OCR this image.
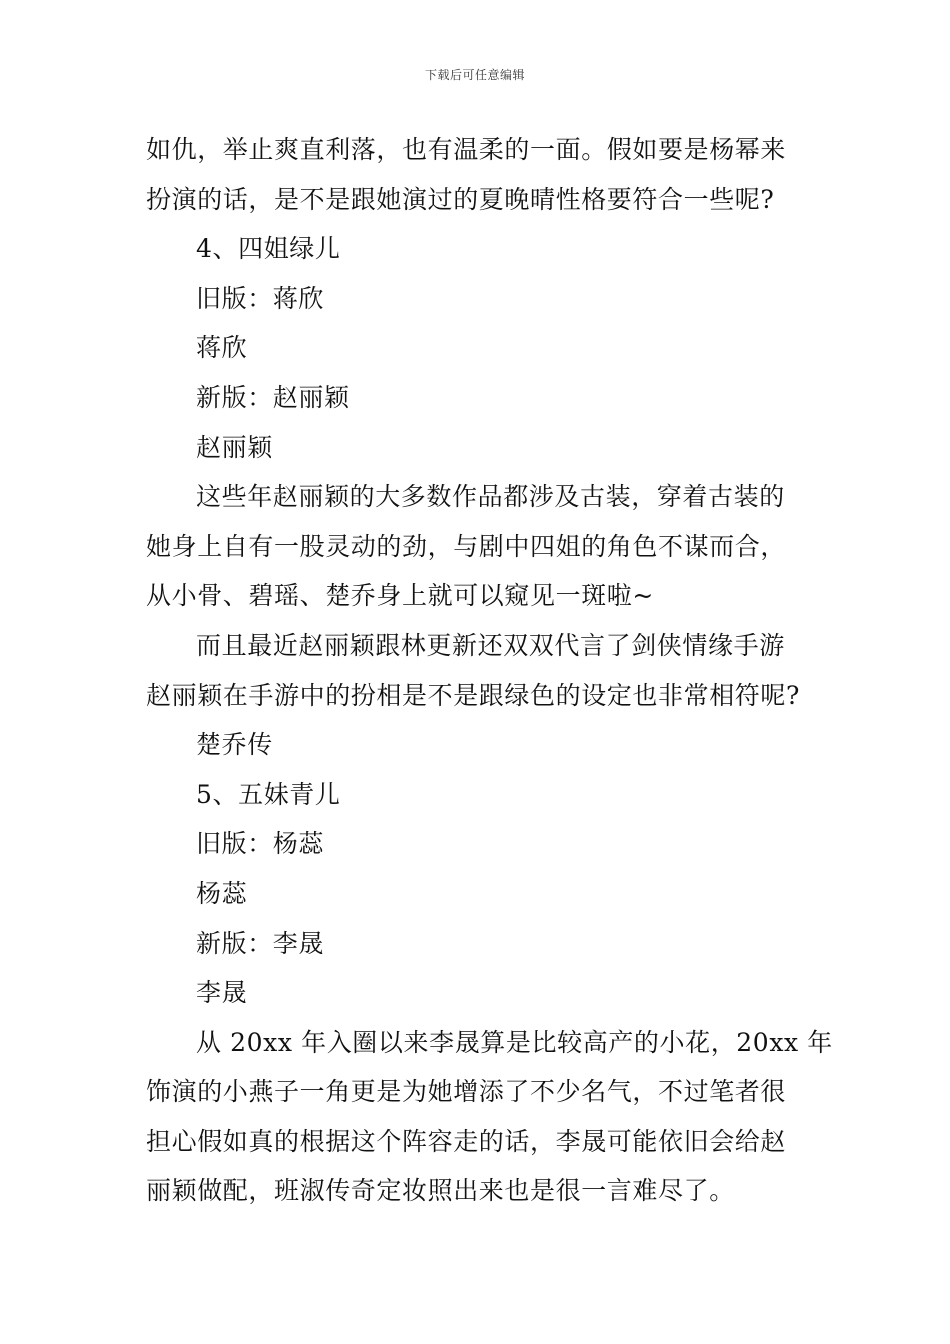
下载后可任意编辑
如仇，举止爽直利落，也有温柔的一面。假如要是杨幂来
扮演的话，是不是跟她演过的夏晚晴性格要符合一些呢?
4、四姐绿儿
旧版：蒋欣
蒋欣
新版：赵丽颖
赵丽颖
这些年赵丽颖的大多数作品都涉及古装，穿着古装的
她身上自有一股灵动的劲，与剧中四姐的角色不谋而合，
从小骨、碧瑶、楚乔身上就可以窥见一斑啦~
而且最近赵丽颖跟林更新还双双代言了剑侠情缘手游
赵丽颖在手游中的扮相是不是跟绿色的设定也非常相符呢?
楚乔传
5、五妹青儿
旧版：杨蕊
杨蕊
新版：李晟
李晟
从 20xx 年入圈以来李晟算是比较高产的小花，20xx 年
饰演的小燕子一角更是为她增添了不少名气，不过笔者很
担心假如真的根据这个阵容走的话，李晟可能依旧会给赵
丽颖做配，班淑传奇定妆照出来也是很一言难尽了。
